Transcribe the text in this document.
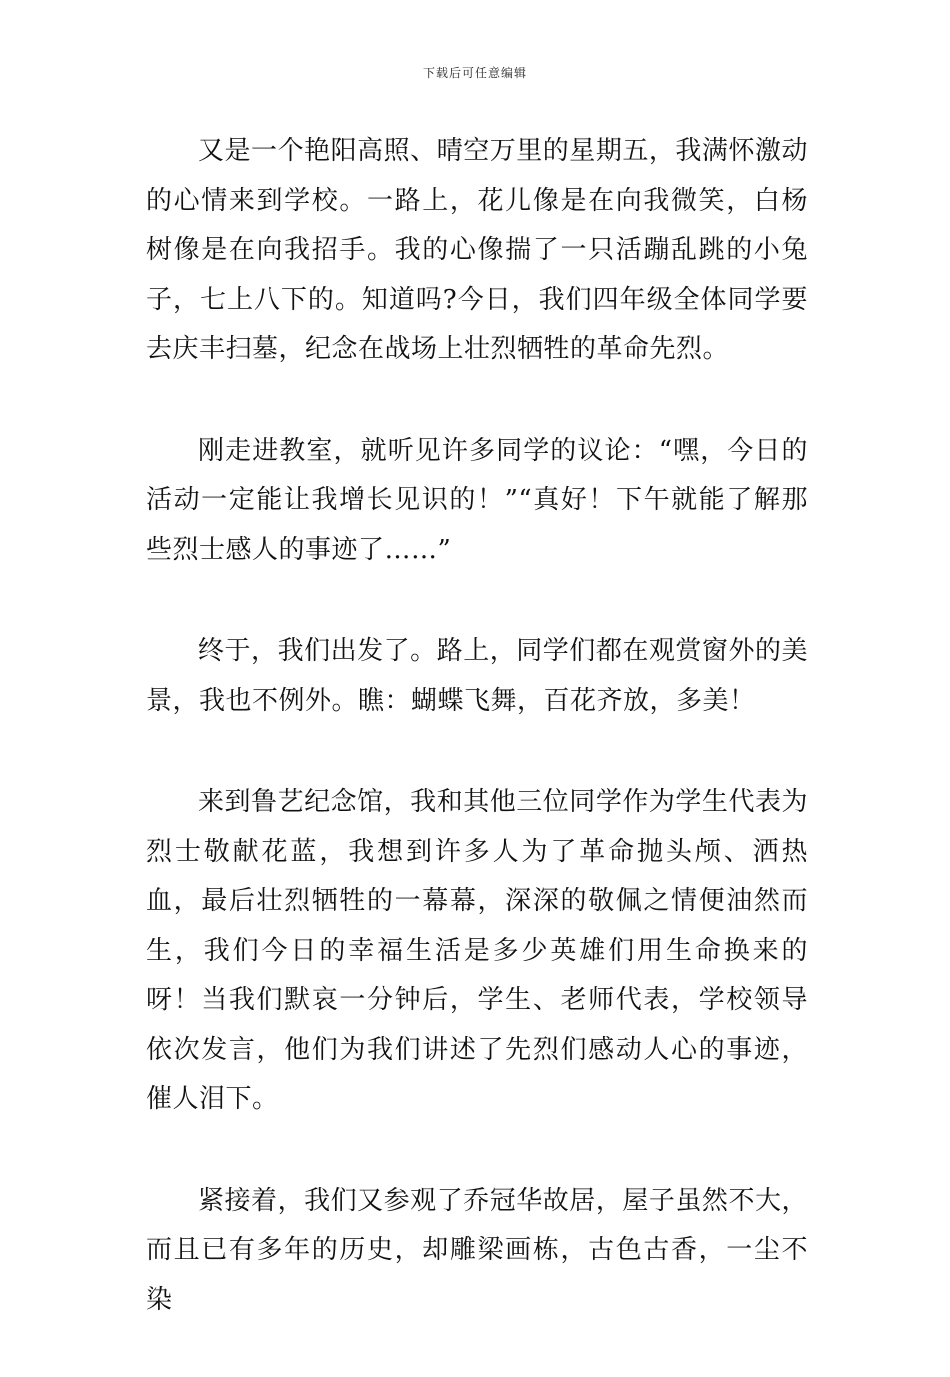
下载后可任意编辑

又是一个艳阳高照、晴空万里的星期五，我满怀激动的心情来到学校。一路上，花儿像是在向我微笑，白杨树像是在向我招手。我的心像揣了一只活蹦乱跳的小兔子，七上八下的。知道吗?今日，我们四年级全体同学要去庆丰扫墓，纪念在战场上壮烈牺牲的革命先烈。

刚走进教室，就听见许多同学的议论：“嘿，今日的活动一定能让我增长见识的！”“真好！下午就能了解那些烈士感人的事迹了……”

终于，我们出发了。路上，同学们都在观赏窗外的美景，我也不例外。瞧：蝴蝶飞舞，百花齐放，多美！

来到鲁艺纪念馆，我和其他三位同学作为学生代表为烈士敬献花蓝，我想到许多人为了革命抛头颅、洒热血，最后壮烈牺牲的一幕幕，深深的敬佩之情便油然而生，我们今日的幸福生活是多少英雄们用生命换来的呀！当我们默哀一分钟后，学生、老师代表，学校领导依次发言，他们为我们讲述了先烈们感动人心的事迹，催人泪下。

紧接着，我们又参观了乔冠华故居，屋子虽然不大，而且已有多年的历史，却雕梁画栋，古色古香，一尘不染
